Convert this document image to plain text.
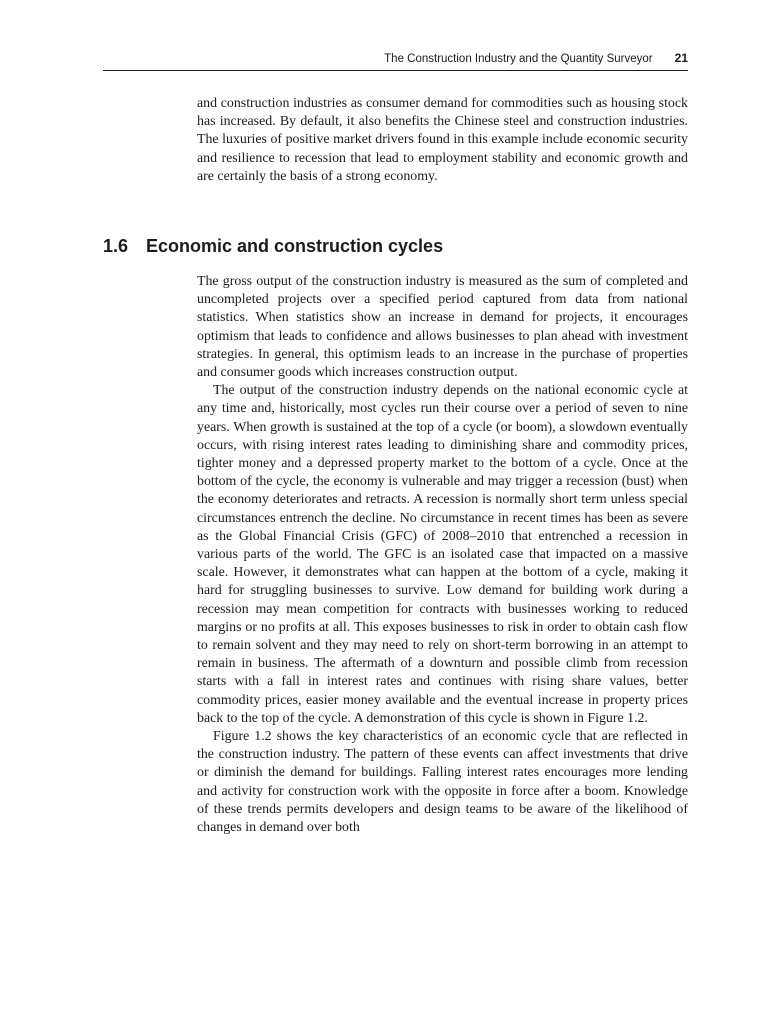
The Construction Industry and the Quantity Surveyor 21

and construction industries as consumer demand for commodities such as housing stock has increased. By default, it also benefits the Chinese steel and construction industries. The luxuries of positive market drivers found in this example include economic security and resilience to recession that lead to employment stability and economic growth and are certainly the basis of a strong economy.

1.6 Economic and construction cycles

The gross output of the construction industry is measured as the sum of completed and uncompleted projects over a specified period captured from data from national statistics. When statistics show an increase in demand for projects, it encourages optimism that leads to confidence and allows businesses to plan ahead with investment strategies. In general, this optimism leads to an increase in the purchase of properties and consumer goods which increases construction output.

The output of the construction industry depends on the national economic cycle at any time and, historically, most cycles run their course over a period of seven to nine years. When growth is sustained at the top of a cycle (or boom), a slowdown eventually occurs, with rising interest rates leading to diminishing share and commodity prices, tighter money and a depressed property market to the bottom of a cycle. Once at the bottom of the cycle, the economy is vulnerable and may trigger a recession (bust) when the economy deteriorates and retracts. A recession is normally short term unless special circumstances entrench the decline. No circumstance in recent times has been as severe as the Global Financial Crisis (GFC) of 2008–2010 that entrenched a recession in various parts of the world. The GFC is an isolated case that impacted on a massive scale. However, it demonstrates what can happen at the bottom of a cycle, making it hard for struggling businesses to survive. Low demand for building work during a recession may mean competition for contracts with businesses working to reduced margins or no profits at all. This exposes businesses to risk in order to obtain cash flow to remain solvent and they may need to rely on short-term borrowing in an attempt to remain in business. The aftermath of a downturn and possible climb from recession starts with a fall in interest rates and continues with rising share values, better commodity prices, easier money available and the eventual increase in property prices back to the top of the cycle. A demonstration of this cycle is shown in Figure 1.2.

Figure 1.2 shows the key characteristics of an economic cycle that are reflected in the construction industry. The pattern of these events can affect investments that drive or diminish the demand for buildings. Falling interest rates encourages more lending and activity for construction work with the opposite in force after a boom. Knowledge of these trends permits developers and design teams to be aware of the likelihood of changes in demand over both
